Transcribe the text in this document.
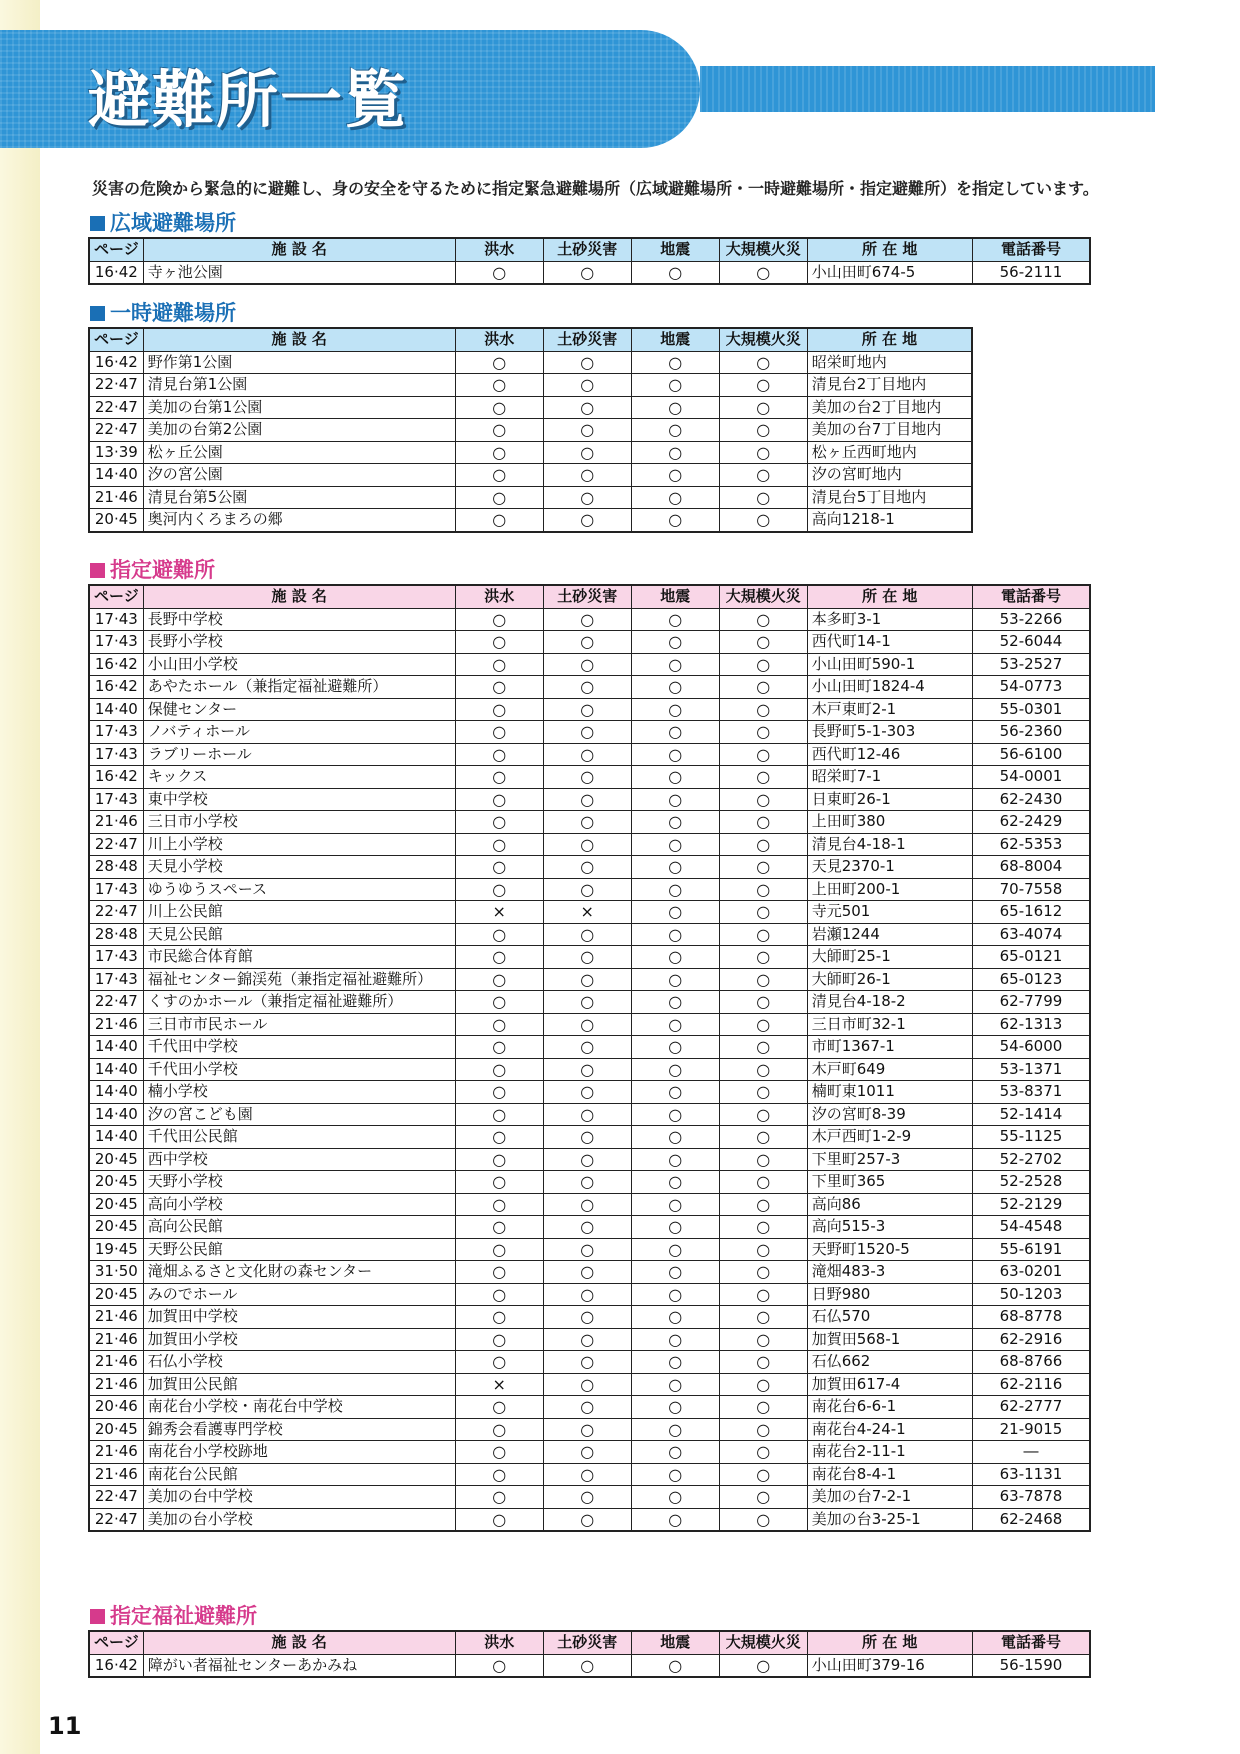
避難所一覧
災害の危険から緊急的に避難し、身の安全を守るために指定緊急避難場所（広域避難場所・一時避難場所・指定避難所）を指定しています。
広域避難場所
ページ	施 設 名	洪水	土砂災害	地震	大規模火災	所 在 地	電話番号
16·42	寺ヶ池公園	○	○	○	○	小山田町674-5	56-2111
一時避難場所
ページ	施 設 名	洪水	土砂災害	地震	大規模火災	所 在 地
16·42	野作第1公園	○	○	○	○	昭栄町地内
22·47	清見台第1公園	○	○	○	○	清見台2丁目地内
22·47	美加の台第1公園	○	○	○	○	美加の台2丁目地内
22·47	美加の台第2公園	○	○	○	○	美加の台7丁目地内
13·39	松ヶ丘公園	○	○	○	○	松ヶ丘西町地内
14·40	汐の宮公園	○	○	○	○	汐の宮町地内
21·46	清見台第5公園	○	○	○	○	清見台5丁目地内
20·45	奥河内くろまろの郷	○	○	○	○	高向1218-1
指定避難所
ページ	施 設 名	洪水	土砂災害	地震	大規模火災	所 在 地	電話番号
17·43	長野中学校	○	○	○	○	本多町3-1	53-2266
17·43	長野小学校	○	○	○	○	西代町14-1	52-6044
16·42	小山田小学校	○	○	○	○	小山田町590-1	53-2527
16·42	あやたホール（兼指定福祉避難所）	○	○	○	○	小山田町1824-4	54-0773
14·40	保健センター	○	○	○	○	木戸東町2-1	55-0301
17·43	ノバティホール	○	○	○	○	長野町5-1-303	56-2360
17·43	ラブリーホール	○	○	○	○	西代町12-46	56-6100
16·42	キックス	○	○	○	○	昭栄町7-1	54-0001
17·43	東中学校	○	○	○	○	日東町26-1	62-2430
21·46	三日市小学校	○	○	○	○	上田町380	62-2429
22·47	川上小学校	○	○	○	○	清見台4-18-1	62-5353
28·48	天見小学校	○	○	○	○	天見2370-1	68-8004
17·43	ゆうゆうスペース	○	○	○	○	上田町200-1	70-7558
22·47	川上公民館	×	×	○	○	寺元501	65-1612
28·48	天見公民館	○	○	○	○	岩瀬1244	63-4074
17·43	市民総合体育館	○	○	○	○	大師町25-1	65-0121
17·43	福祉センター錦渓苑（兼指定福祉避難所）	○	○	○	○	大師町26-1	65-0123
22·47	くすのかホール（兼指定福祉避難所）	○	○	○	○	清見台4-18-2	62-7799
21·46	三日市市民ホール	○	○	○	○	三日市町32-1	62-1313
14·40	千代田中学校	○	○	○	○	市町1367-1	54-6000
14·40	千代田小学校	○	○	○	○	木戸町649	53-1371
14·40	楠小学校	○	○	○	○	楠町東1011	53-8371
14·40	汐の宮こども園	○	○	○	○	汐の宮町8-39	52-1414
14·40	千代田公民館	○	○	○	○	木戸西町1-2-9	55-1125
20·45	西中学校	○	○	○	○	下里町257-3	52-2702
20·45	天野小学校	○	○	○	○	下里町365	52-2528
20·45	高向小学校	○	○	○	○	高向86	52-2129
20·45	高向公民館	○	○	○	○	高向515-3	54-4548
19·45	天野公民館	○	○	○	○	天野町1520-5	55-6191
31·50	滝畑ふるさと文化財の森センター	○	○	○	○	滝畑483-3	63-0201
20·45	みのでホール	○	○	○	○	日野980	50-1203
21·46	加賀田中学校	○	○	○	○	石仏570	68-8778
21·46	加賀田小学校	○	○	○	○	加賀田568-1	62-2916
21·46	石仏小学校	○	○	○	○	石仏662	68-8766
21·46	加賀田公民館	×	○	○	○	加賀田617-4	62-2116
20·46	南花台小学校・南花台中学校	○	○	○	○	南花台6-6-1	62-2777
20·45	錦秀会看護専門学校	○	○	○	○	南花台4-24-1	21-9015
21·46	南花台小学校跡地	○	○	○	○	南花台2-11-1	―
21·46	南花台公民館	○	○	○	○	南花台8-4-1	63-1131
22·47	美加の台中学校	○	○	○	○	美加の台7-2-1	63-7878
22·47	美加の台小学校	○	○	○	○	美加の台3-25-1	62-2468
指定福祉避難所
ページ	施 設 名	洪水	土砂災害	地震	大規模火災	所 在 地	電話番号
16·42	障がい者福祉センターあかみね	○	○	○	○	小山田町379-16	56-1590
11
